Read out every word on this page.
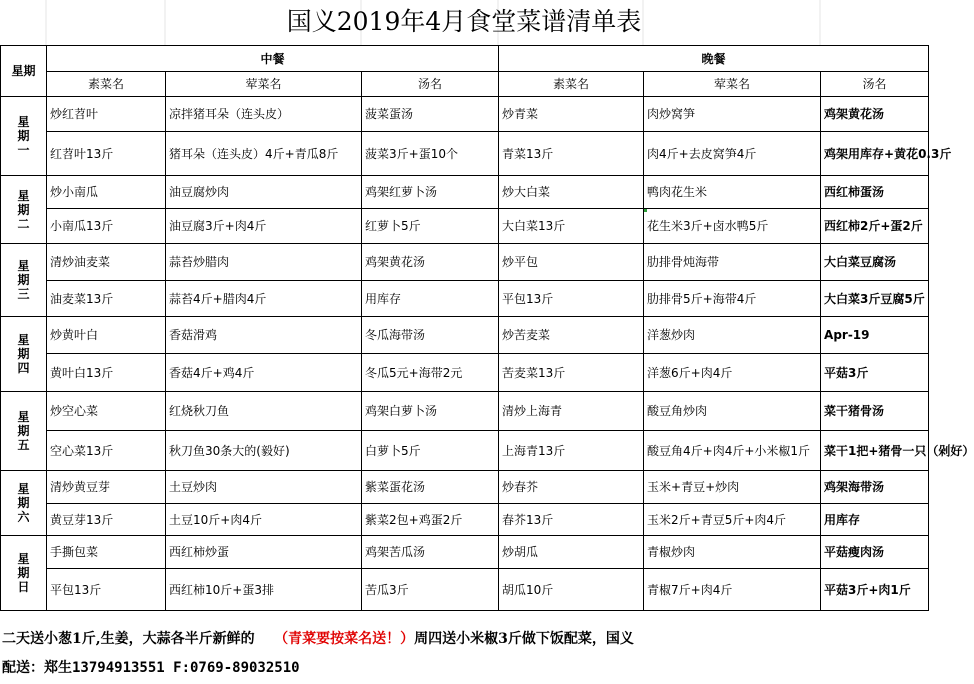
国义2019年4月食堂菜谱清单表
星期	中餐			晚餐		
	素菜名	荤菜名	汤名	素菜名	荤菜名	汤名

星
期
一	炒红苕叶	凉拌猪耳朵（连头皮）	菠菜蛋汤	炒青菜	肉炒窝笋	鸡架黄花汤
	红苕叶13斤	猪耳朵（连头皮）4斤+青瓜8斤	菠菜3斤+蛋10个	青菜13斤	肉4斤+去皮窝笋4斤	鸡架用库存+黄花0.3斤

星
期
二	炒小南瓜	油豆腐炒肉	鸡架红萝卜汤	炒大白菜	鸭肉花生米	西红柿蛋汤
	小南瓜13斤	油豆腐3斤+肉4斤	红萝卜5斤	大白菜13斤	花生米3斤+卤水鸭5斤	西红柿2斤+蛋2斤

星
期
三	清炒油麦菜	蒜苔炒腊肉	鸡架黄花汤	炒平包	肋排骨炖海带	大白菜豆腐汤
	油麦菜13斤	蒜苔4斤+腊肉4斤	用库存	平包13斤	肋排骨5斤+海带4斤	大白菜3斤豆腐5斤

星
期
四	炒黄叶白	香菇滑鸡	冬瓜海带汤	炒苦麦菜	洋葱炒肉	Apr-19
	黄叶白13斤	香菇4斤+鸡4斤	冬瓜5元+海带2元	苦麦菜13斤	洋葱6斤+肉4斤	平菇3斤

星
期
五	炒空心菜	红烧秋刀鱼	鸡架白萝卜汤	清炒上海青	酸豆角炒肉	菜干猪骨汤
	空心菜13斤	秋刀鱼30条大的(毅好)	白萝卜5斤	上海青13斤	酸豆角4斤+肉4斤+小米椒1斤	菜干1把+猪骨一只（剁好）

星
期
六	清炒黄豆芽	土豆炒肉	紫菜蛋花汤	炒春芥	玉米+青豆+炒肉	鸡架海带汤
	黄豆芽13斤	土豆10斤+肉4斤	紫菜2包+鸡蛋2斤	春芥13斤	玉米2斤+青豆5斤+肉4斤	用库存

星
期
日	手撕包菜	西红柿炒蛋	鸡架苦瓜汤	炒胡瓜	青椒炒肉	平菇瘦肉汤
	平包13斤	西红柿10斤+蛋3排	苦瓜3斤	胡瓜10斤	青椒7斤+肉4斤	平菇3斤+肉1斤
二天送小葱1斤,生姜，大蒜各半斤新鲜的 （青菜要按菜名送！）周四送小米椒3斤做下饭配菜，国义
配送：郑生13794913551 F:0769-89032510
